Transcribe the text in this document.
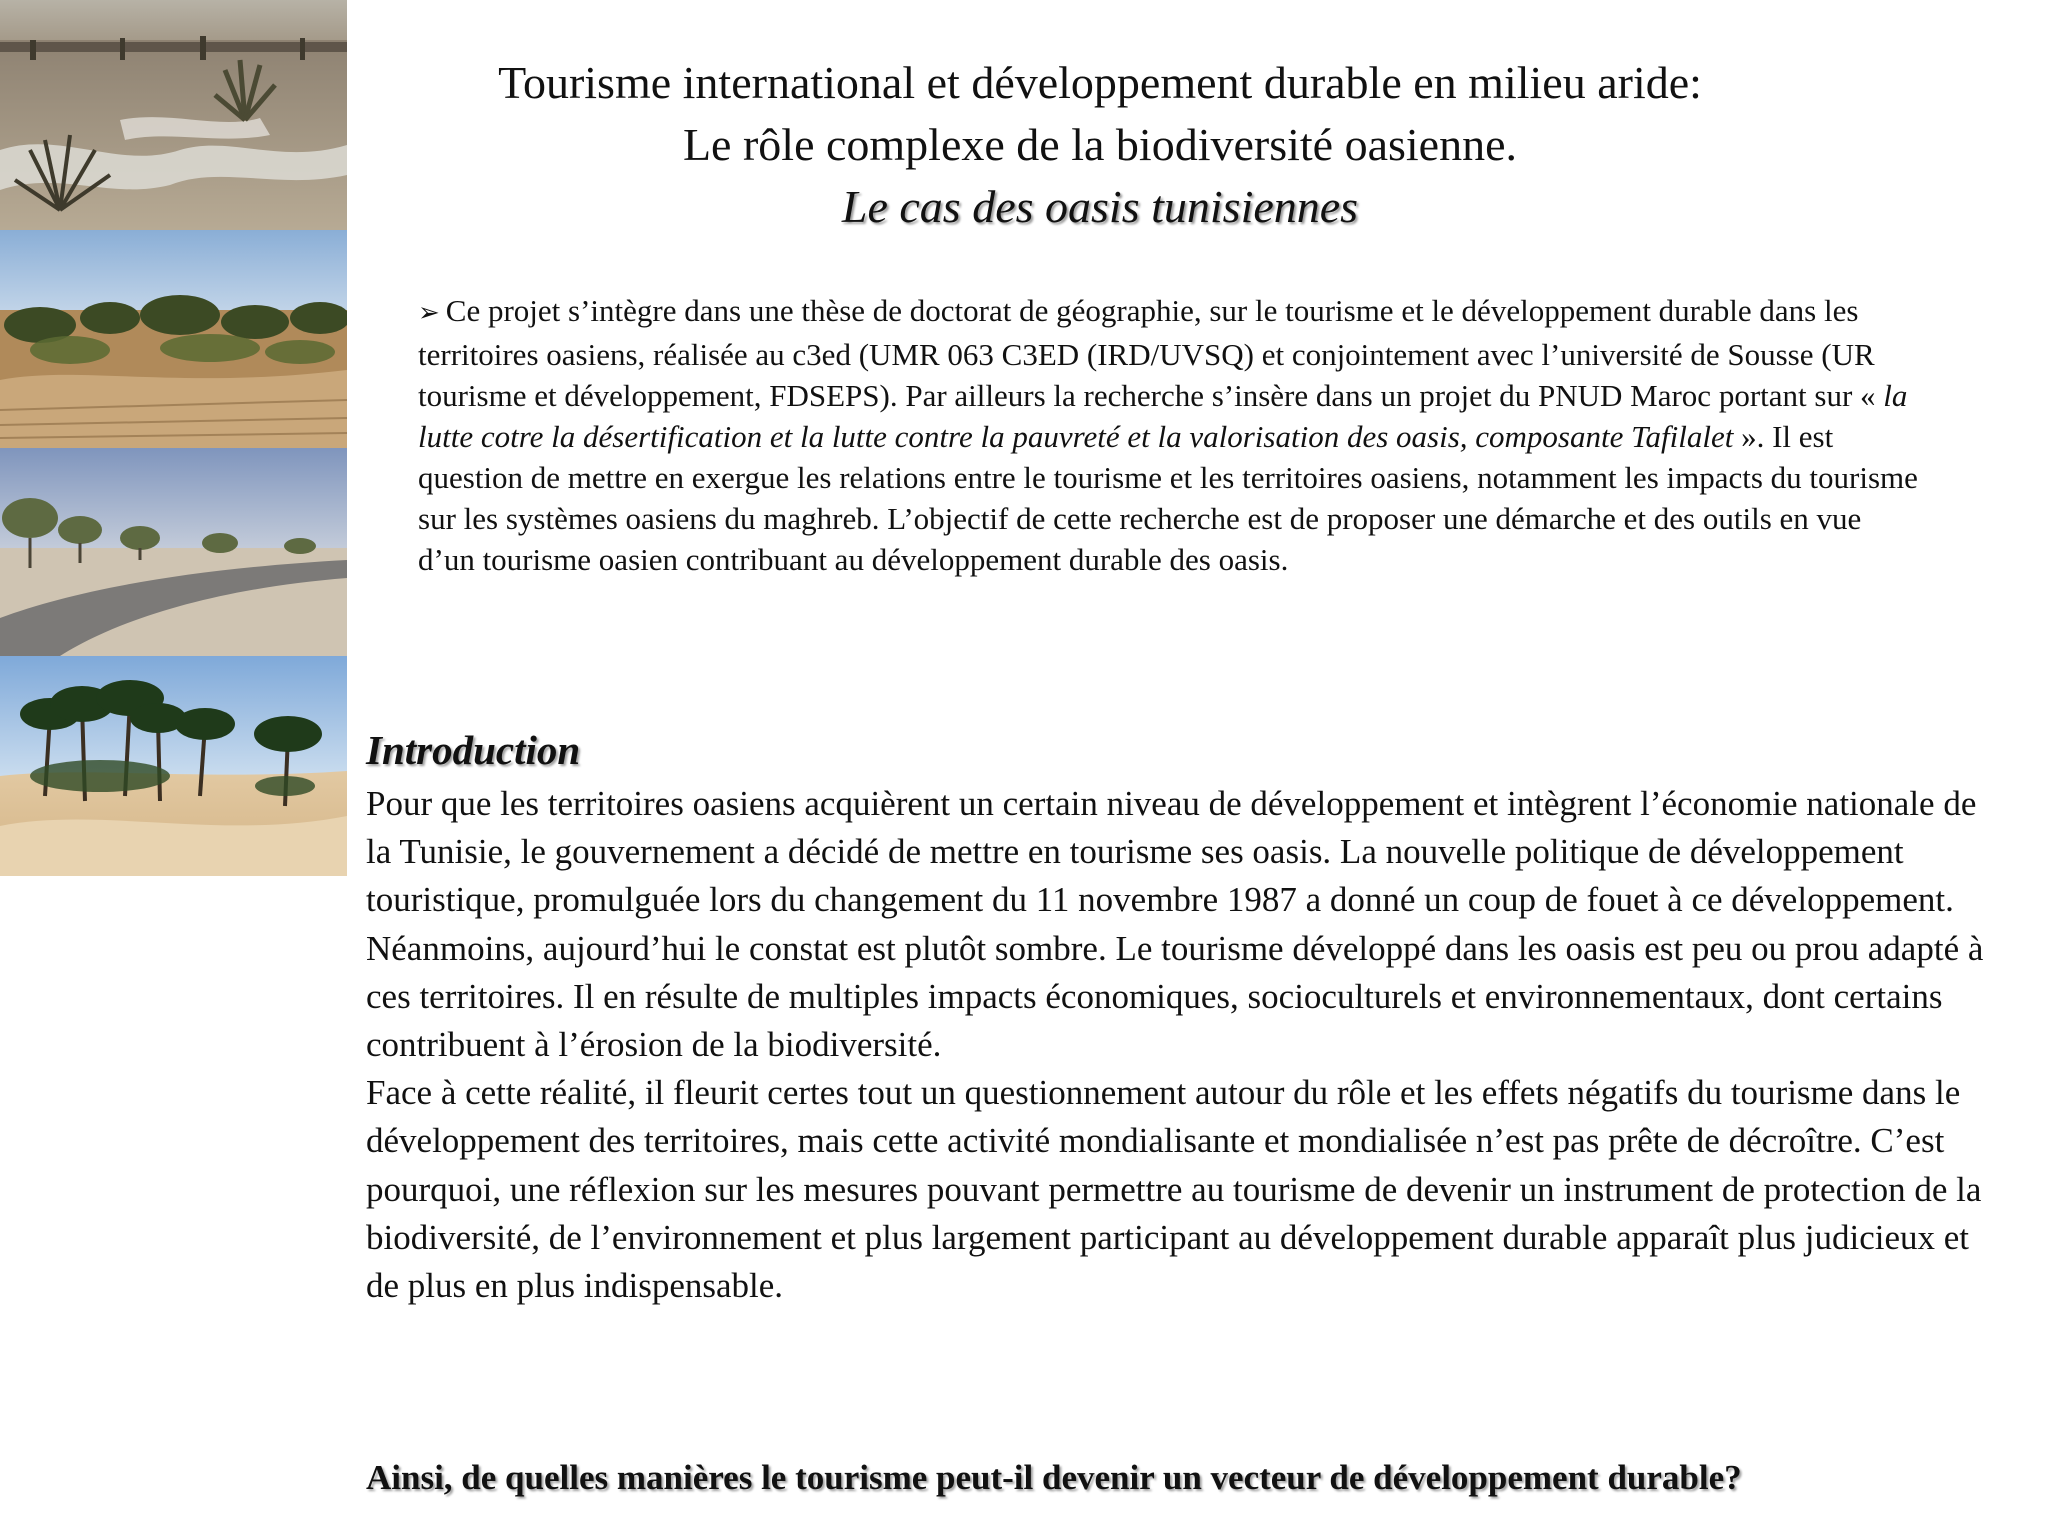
Tourisme international et développement durable en milieu aride:
Le rôle complexe de la biodiversité oasienne.
Le cas des oasis tunisiennes

➢ Ce projet s’intègre dans une thèse de doctorat de géographie, sur le tourisme et le développement durable dans les territoires oasiens, réalisée au c3ed (UMR 063 C3ED (IRD/UVSQ) et conjointement avec l’université de Sousse (UR tourisme et développement, FDSEPS). Par ailleurs la recherche s’insère dans un projet du PNUD Maroc portant sur « la lutte cotre la désertification et la lutte contre la pauvreté et la valorisation des oasis, composante Tafilalet ». Il est question de mettre en exergue les relations entre le tourisme et les territoires oasiens, notamment les impacts du tourisme sur les systèmes oasiens du maghreb. L’objectif de cette recherche est de proposer une démarche et des outils en vue d’un tourisme oasien contribuant au développement durable des oasis.

Introduction

Pour que les territoires oasiens acquièrent un certain niveau de développement et intègrent l’économie nationale de la Tunisie, le gouvernement a décidé de mettre en tourisme ses oasis. La nouvelle politique de développement touristique, promulguée lors du changement du 11 novembre 1987 a donné un coup de fouet à ce développement.

Néanmoins, aujourd’hui le constat est plutôt sombre. Le tourisme développé dans les oasis est peu ou prou adapté à ces territoires. Il en résulte de multiples impacts économiques, socioculturels et environnementaux, dont certains contribuent à l’érosion de la biodiversité.

Face à cette réalité, il fleurit certes tout un questionnement autour du rôle et les effets négatifs du tourisme dans le développement des territoires, mais cette activité mondialisante et mondialisée n’est pas prête de décroître. C’est pourquoi, une réflexion sur les mesures pouvant permettre au tourisme de devenir un instrument de protection de la biodiversité, de l’environnement et plus largement participant au développement durable apparaît plus judicieux et de plus en plus indispensable.

Ainsi, de quelles manières le tourisme peut-il devenir un vecteur de développement durable?
